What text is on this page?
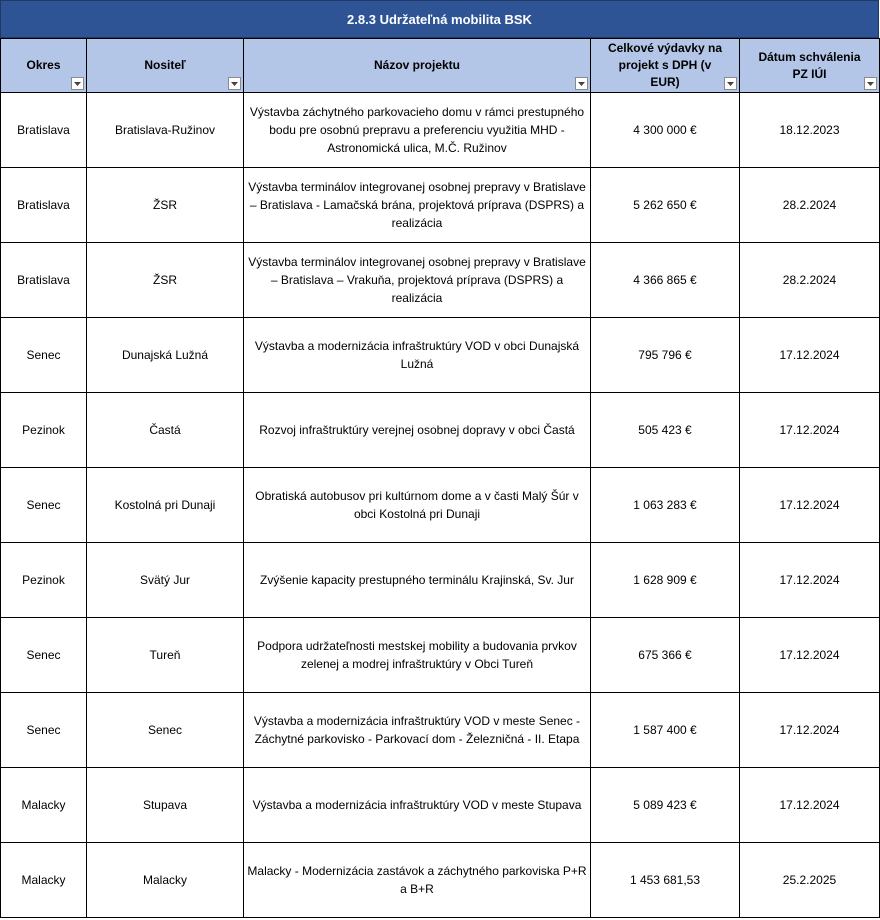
2.8.3 Udržateľná mobilita BSK
Okres	Nositeľ	Názov projektu	Celkové výdavky na projekt s DPH (v EUR)	Dátum schválenia PZ IÚI

Bratislava	Bratislava-Ružinov	Výstavba záchytného parkovacieho domu v rámci prestupného bodu pre osobnú prepravu a preferenciu využitia MHD - Astronomická ulica, M.Č. Ružinov	4 300 000 €	18.12.2023
Bratislava	ŽSR	Výstavba terminálov integrovanej osobnej prepravy v Bratislave – Bratislava - Lamačská brána, projektová príprava (DSPRS) a realizácia	5 262 650 €	28.2.2024
Bratislava	ŽSR	Výstavba terminálov integrovanej osobnej prepravy v Bratislave – Bratislava – Vrakuňa, projektová príprava (DSPRS) a realizácia	4 366 865 €	28.2.2024
Senec	Dunajská Lužná	Výstavba a modernizácia infraštruktúry VOD v obci Dunajská Lužná	795 796 €	17.12.2024
Pezinok	Častá	Rozvoj infraštruktúry verejnej osobnej dopravy v obci Častá	505 423 €	17.12.2024
Senec	Kostolná pri Dunaji	Obratiská autobusov pri kultúrnom dome a v časti Malý Šúr v obci Kostolná pri Dunaji	1 063 283 €	17.12.2024
Pezinok	Svätý Jur	Zvýšenie kapacity prestupného terminálu Krajinská, Sv. Jur	1 628 909 €	17.12.2024
Senec	Tureň	Podpora udržateľnosti mestskej mobility a budovania prvkov zelenej a modrej infraštruktúry v Obci Tureň	675 366 €	17.12.2024
Senec	Senec	Výstavba a modernizácia infraštruktúry VOD v meste Senec - Záchytné parkovisko - Parkovací dom - Železničná - II. Etapa	1 587 400 €	17.12.2024
Malacky	Stupava	Výstavba a modernizácia infraštruktúry VOD v meste Stupava	5 089 423 €	17.12.2024
Malacky	Malacky	Malacky - Modernizácia zastávok a záchytného parkoviska P+R a B+R	1 453 681,53	25.2.2025
